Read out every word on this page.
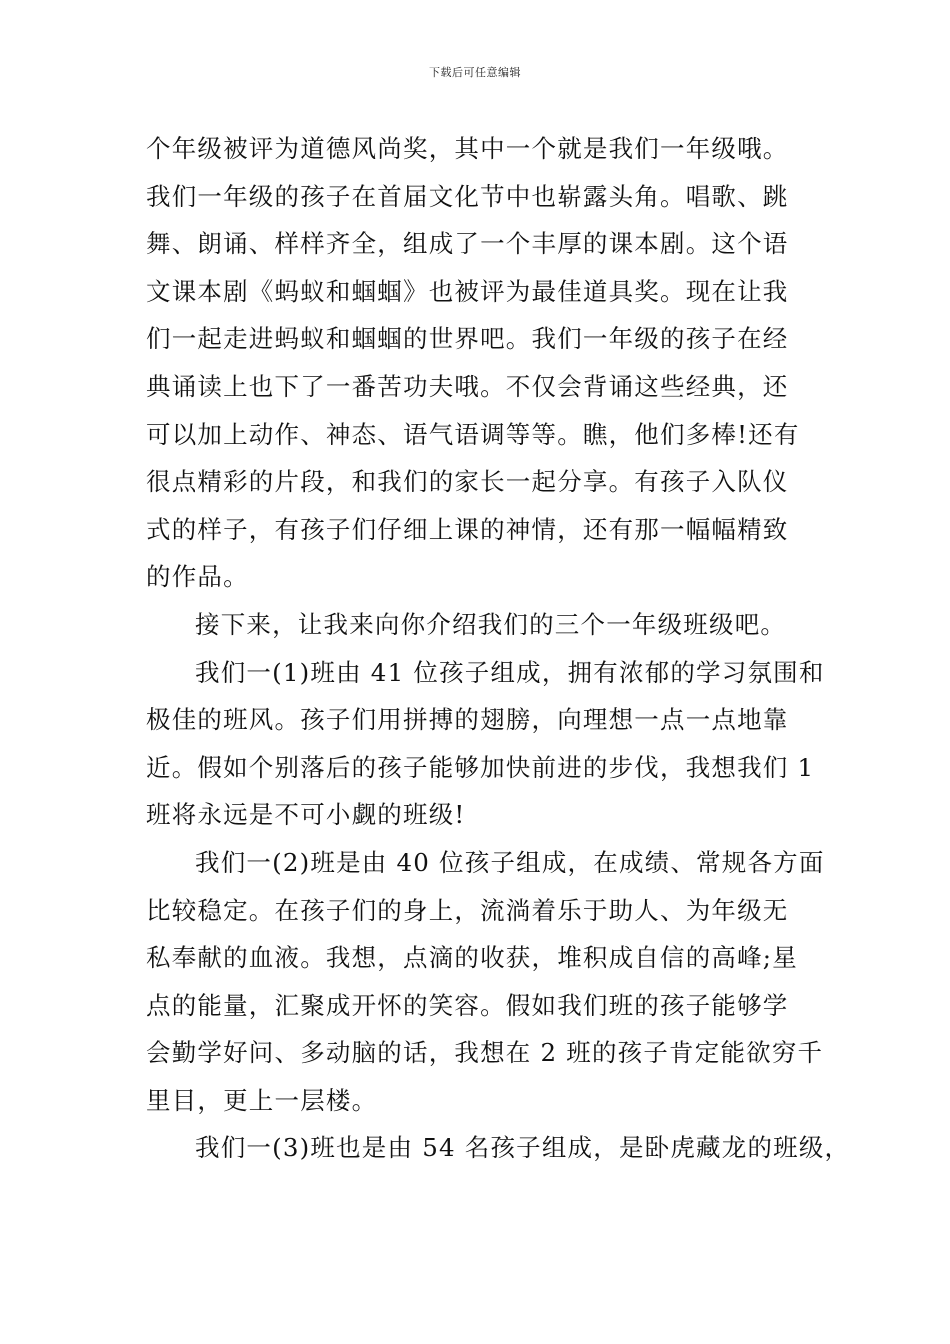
下载后可任意编辑
个年级被评为道德风尚奖，其中一个就是我们一年级哦。
我们一年级的孩子在首届文化节中也崭露头角。唱歌、跳
舞、朗诵、样样齐全，组成了一个丰厚的课本剧。这个语
文课本剧《蚂蚁和蝈蝈》也被评为最佳道具奖。现在让我
们一起走进蚂蚁和蝈蝈的世界吧。我们一年级的孩子在经
典诵读上也下了一番苦功夫哦。不仅会背诵这些经典，还
可以加上动作、神态、语气语调等等。瞧，他们多棒!还有
很点精彩的片段，和我们的家长一起分享。有孩子入队仪
式的样子，有孩子们仔细上课的神情，还有那一幅幅精致
的作品。
接下来，让我来向你介绍我们的三个一年级班级吧。
我们一(1)班由 41 位孩子组成，拥有浓郁的学习氛围和
极佳的班风。孩子们用拼搏的翅膀，向理想一点一点地靠
近。假如个别落后的孩子能够加快前进的步伐，我想我们 1
班将永远是不可小觑的班级!
我们一(2)班是由 40 位孩子组成，在成绩、常规各方面
比较稳定。在孩子们的身上，流淌着乐于助人、为年级无
私奉献的血液。我想，点滴的收获，堆积成自信的高峰;星
点的能量，汇聚成开怀的笑容。假如我们班的孩子能够学
会勤学好问、多动脑的话，我想在 2 班的孩子肯定能欲穷千
里目，更上一层楼。
我们一(3)班也是由 54 名孩子组成，是卧虎藏龙的班级，
